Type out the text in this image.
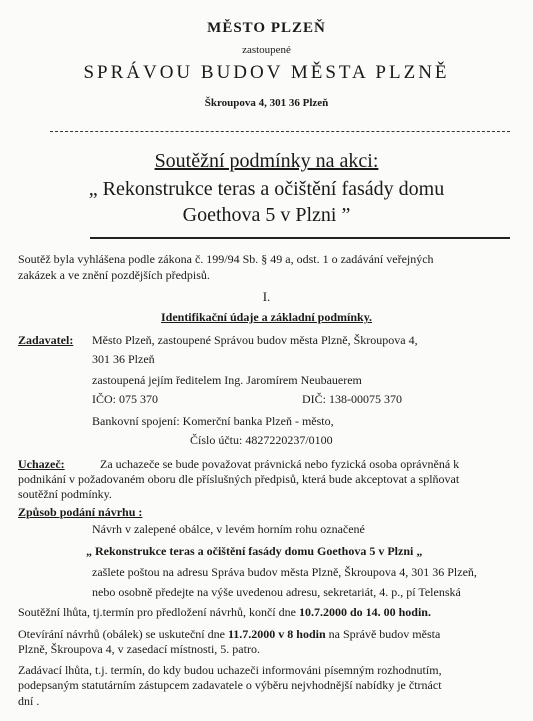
MĚSTO PLZEŇ
zastoupené
SPRÁVOU BUDOV MĚSTA PLZNĚ
Škroupova 4, 301 36 Plzeň
Soutěžní podmínky na akci:
„ Rekonstrukce teras a očištění fasády domu
Goethova 5 v Plzni ”
Soutěž byla vyhlášena podle zákona č. 199/94 Sb. § 49 a, odst. 1 o zadávání veřejných
zakázek a ve znění pozdějších předpisů.
I.
Identifikační údaje a základní podmínky.
Zadavatel: Město Plzeň, zastoupené Správou budov města Plzně, Škroupova 4,
301 36 Plzeň
zastoupená jejím ředitelem Ing. Jaromírem Neubauerem
IČO: 075 370	DIČ: 138-00075 370
Bankovní spojení: Komerční banka Plzeň - město,
Číslo účtu: 4827220237/0100
Uchazeč:	Za uchazeče se bude považovat právnická nebo fyzická osoba oprávněná k
podnikání v požadovaném oboru dle příslušných předpisů, která bude akceptovat a splňovat
soutěžní podmínky.
Způsob podání návrhu :
Návrh v zalepené obálce, v levém horním rohu označené
„ Rekonstrukce teras a očištění fasády domu Goethova 5 v Plzni „
zašlete poštou na adresu Správa budov města Plzně, Škroupova 4, 301 36 Plzeň,
nebo osobně předejte na výše uvedenou adresu, sekretariát, 4. p., pí Telenská
Soutěžní lhůta, tj.termín pro předložení návrhů, končí dne 10.7.2000 do 14. 00 hodin.
Otevírání návrhů (obálek) se uskuteční dne 11.7.2000 v 8 hodin na Správě budov města
Plzně, Škroupova 4, v zasedací místnosti, 5. patro.
Zadávací lhůta, t.j. termín, do kdy budou uchazeči informováni písemným rozhodnutím,
podepsaným statutárním zástupcem zadavatele o výběru nejvhodnější nabídky je čtrnáct
dní .
